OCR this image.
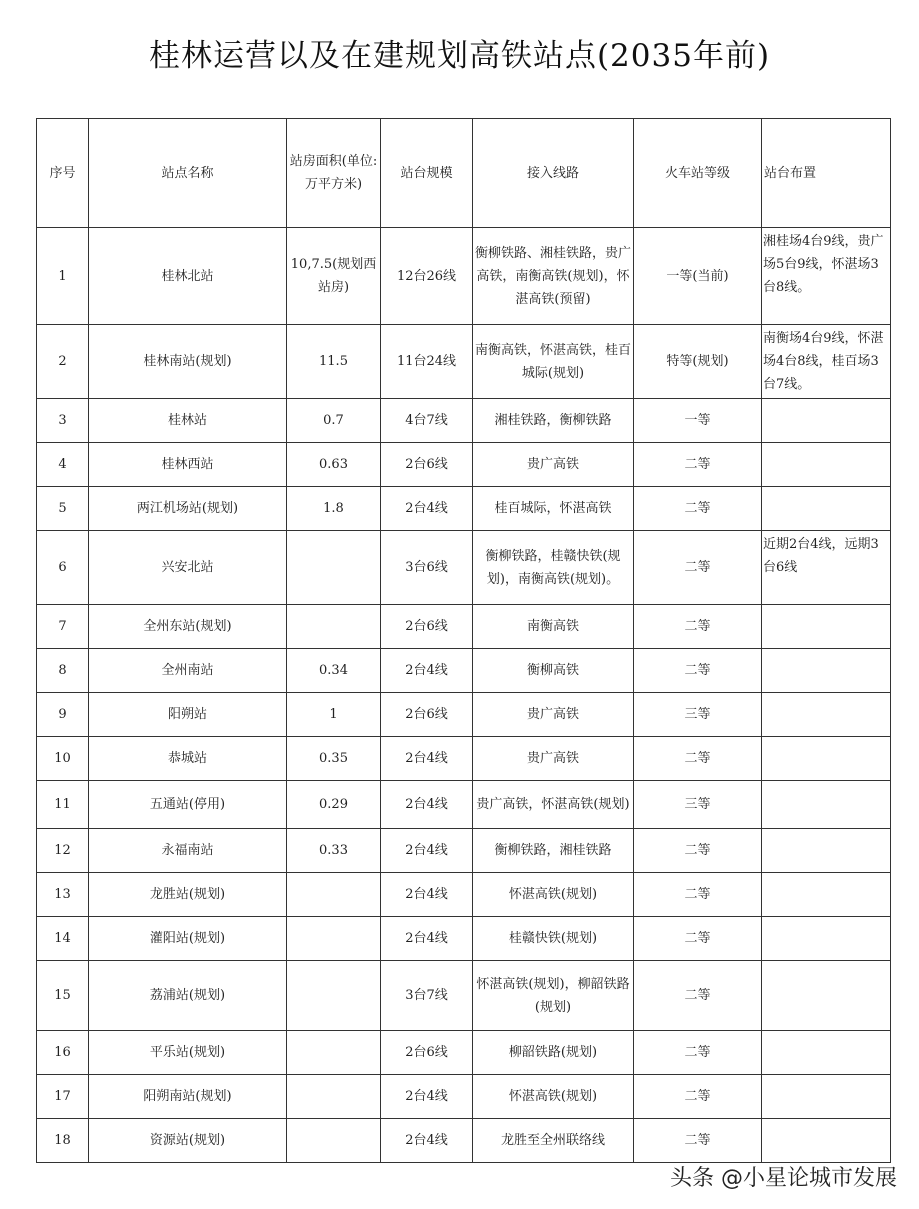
桂林运营以及在建规划高铁站点(2035年前)
序号	站点名称	站房面积(单位: 万平方米)	站台规模	接入线路	火车站等级	站台布置
1	桂林北站	10,7.5(规划西站房)	12台26线	衡柳铁路、湘桂铁路，贵广高铁，南衡高铁(规划)，怀湛高铁(预留)	一等(当前)	湘桂场4台9线，贵广场5台9线，怀湛场3台8线。
2	桂林南站(规划)	11.5	11台24线	南衡高铁，怀湛高铁，桂百城际(规划)	特等(规划)	南衡场4台9线，怀湛场4台8线，桂百场3台7线。
3	桂林站	0.7	4台7线	湘桂铁路，衡柳铁路	一等	
4	桂林西站	0.63	2台6线	贵广高铁	二等	
5	两江机场站(规划)	1.8	2台4线	桂百城际，怀湛高铁	二等	
6	兴安北站		3台6线	衡柳铁路，桂赣快铁(规划)，南衡高铁(规划)。	二等	近期2台4线，远期3台6线
7	全州东站(规划)		2台6线	南衡高铁	二等	
8	全州南站	0.34	2台4线	衡柳高铁	二等	
9	阳朔站	1	2台6线	贵广高铁	三等	
10	恭城站	0.35	2台4线	贵广高铁	二等	
11	五通站(停用)	0.29	2台4线	贵广高铁，怀湛高铁(规划)	三等	
12	永福南站	0.33	2台4线	衡柳铁路，湘桂铁路	二等	
13	龙胜站(规划)		2台4线	怀湛高铁(规划)	二等	
14	灌阳站(规划)		2台4线	桂赣快铁(规划)	二等	
15	荔浦站(规划)		3台7线	怀湛高铁(规划)，柳韶铁路(规划)	二等	
16	平乐站(规划)		2台6线	柳韶铁路(规划)	二等	
17	阳朔南站(规划)		2台4线	怀湛高铁(规划)	二等	
18	资源站(规划)		2台4线	龙胜至全州联络线	二等	
头条 @小星论城市发展
